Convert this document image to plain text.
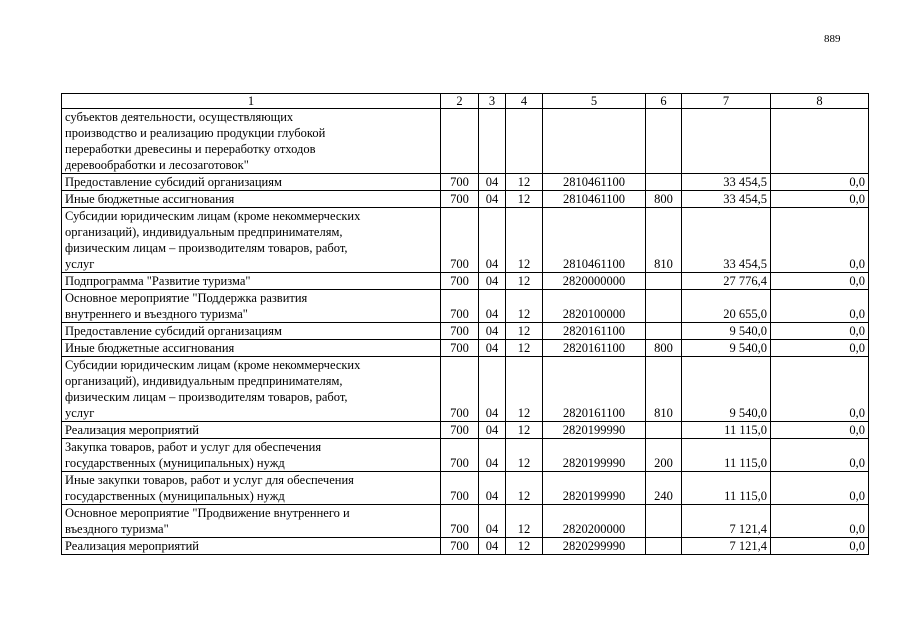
889
1	2	3	4	5	6	7	8

субъектов деятельности, осуществляющих
производство и реализацию продукции глубокой
переработки древесины и переработку отходов
деревообработки и лесозаготовок"							

Предоставление субсидий организациям	700	04	12	2810461100		33 454,5	0,0

Иные бюджетные ассигнования	700	04	12	2810461100	800	33 454,5	0,0

Субсидии юридическим лицам (кроме некоммерческих
организаций), индивидуальным предпринимателям,
физическим лицам – производителям товаров, работ,
услуг	700	04	12	2810461100	810	33 454,5	0,0

Подпрограмма "Развитие туризма"	700	04	12	2820000000		27 776,4	0,0

Основное мероприятие "Поддержка развития
внутреннего и въездного туризма"	700	04	12	2820100000		20 655,0	0,0

Предоставление субсидий организациям	700	04	12	2820161100		9 540,0	0,0

Иные бюджетные ассигнования	700	04	12	2820161100	800	9 540,0	0,0

Субсидии юридическим лицам (кроме некоммерческих
организаций), индивидуальным предпринимателям,
физическим лицам – производителям товаров, работ,
услуг	700	04	12	2820161100	810	9 540,0	0,0

Реализация мероприятий	700	04	12	2820199990		11 115,0	0,0

Закупка товаров, работ и услуг для обеспечения
государственных (муниципальных) нужд	700	04	12	2820199990	200	11 115,0	0,0

Иные закупки товаров, работ и услуг для обеспечения
государственных (муниципальных) нужд	700	04	12	2820199990	240	11 115,0	0,0

Основное мероприятие "Продвижение внутреннего и
въездного туризма"	700	04	12	2820200000		7 121,4	0,0

Реализация мероприятий	700	04	12	2820299990		7 121,4	0,0
